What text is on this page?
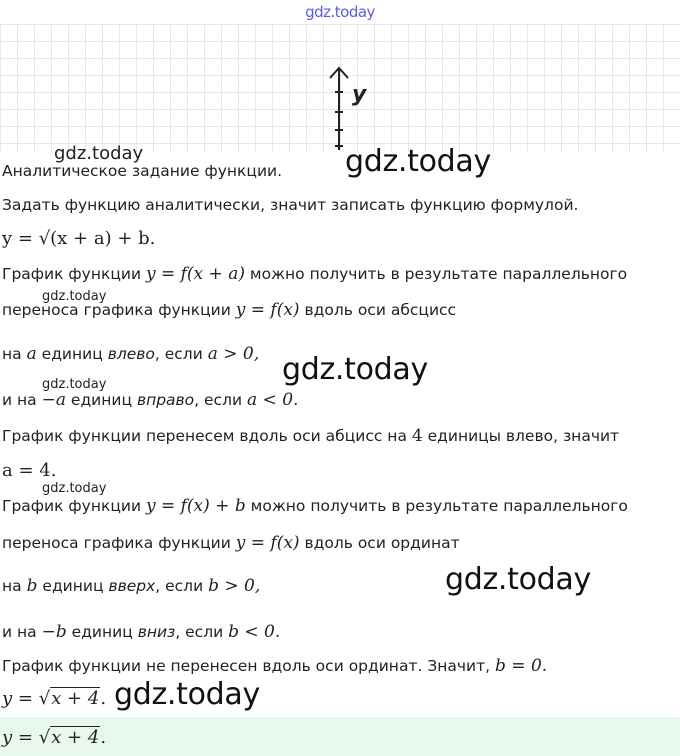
gdz.today
y
Аналитическое задание функции.
Задать функцию аналитически, значит записать функцию формулой.
y = √(x + a) + b.
График функции y = f(x + a) можно получить в результате параллельного
переноса графика функции y = f(x) вдоль оси абсцисс
на a единиц влево, если a > 0,
и на −a единиц вправо, если a < 0.
График функции перенесем вдоль оси абцисс на 4 единицы влево, значит
a = 4.
График функции y = f(x) + b можно получить в результате параллельного
переноса графика функции y = f(x) вдоль оси ординат
на b единиц вверх, если b > 0,
и на −b единиц вниз, если b < 0.
График функции не перенесен вдоль оси ординат. Значит, b = 0.
y = √x + 4.
y = √x + 4.
gdz.today	gdz.today
gdz.today
gdz.today
gdz.today
gdz.today
gdz.today
gdz.today
